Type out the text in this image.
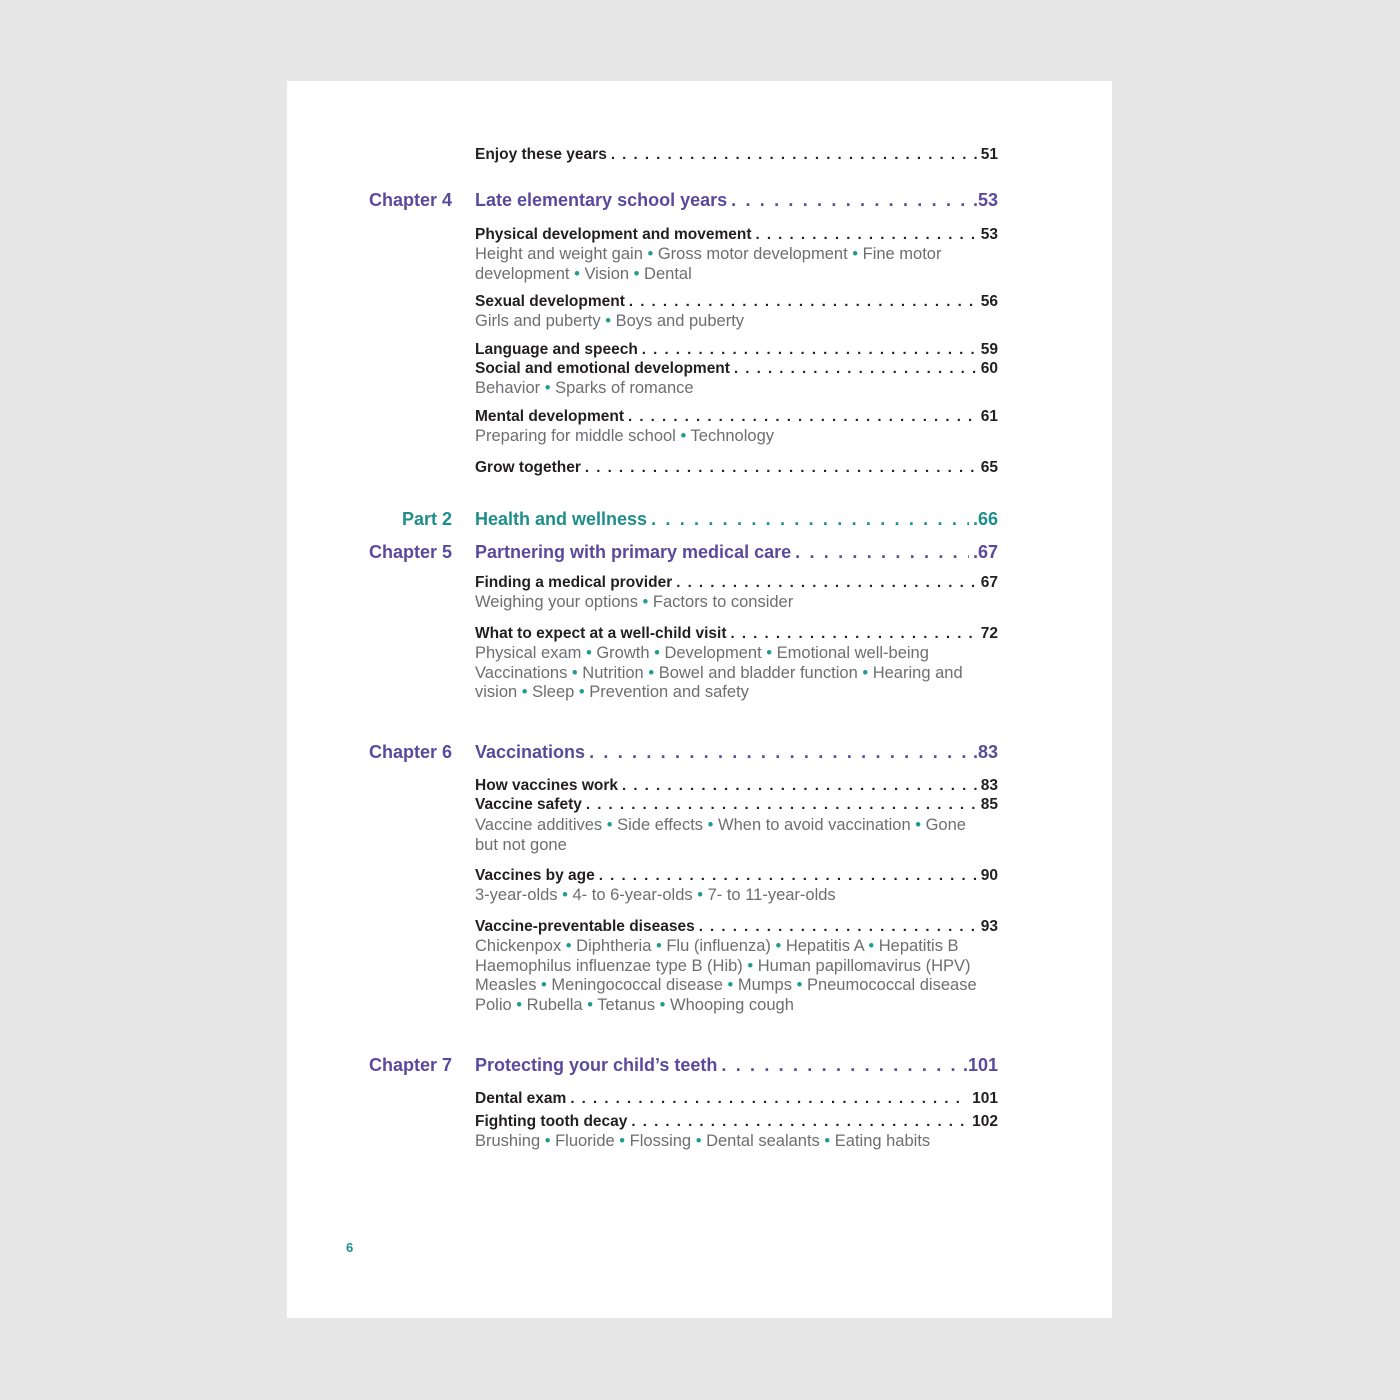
Enjoy these years . . .	51
Chapter 4 Late elementary school years . . .	.53
Physical development and movement . . .	53
Height and weight gain • Gross motor development • Fine motor
development • Vision • Dental
Sexual development . . .	56
Girls and puberty • Boys and puberty
Language and speech . . .	59
Social and emotional development . . .	60
Behavior • Sparks of romance
Mental development . . .	61
Preparing for middle school • Technology
Grow together . . .	65
Part 2 Health and wellness . . .	.66
Chapter 5 Partnering with primary medical care . . .	.67
Finding a medical provider . . .	67
Weighing your options • Factors to consider
What to expect at a well-child visit . . .	72
Physical exam • Growth • Development • Emotional well-being
Vaccinations • Nutrition • Bowel and bladder function • Hearing and
vision • Sleep • Prevention and safety
Chapter 6 Vaccinations . . .	.83
How vaccines work . . .	83
Vaccine safety . . .	85
Vaccine additives • Side effects • When to avoid vaccination • Gone
but not gone
Vaccines by age . . .	90
3-year-olds • 4- to 6-year-olds • 7- to 11-year-olds
Vaccine-preventable diseases . . .	93
Chickenpox • Diphtheria • Flu (influenza) • Hepatitis A • Hepatitis B
Haemophilus influenzae type B (Hib) • Human papillomavirus (HPV)
Measles • Meningococcal disease • Mumps • Pneumococcal disease
Polio • Rubella • Tetanus • Whooping cough
Chapter 7 Protecting your child’s teeth . . .	.101
Dental exam . . .	101
Fighting tooth decay . . .	102
Brushing • Fluoride • Flossing • Dental sealants • Eating habits
6
